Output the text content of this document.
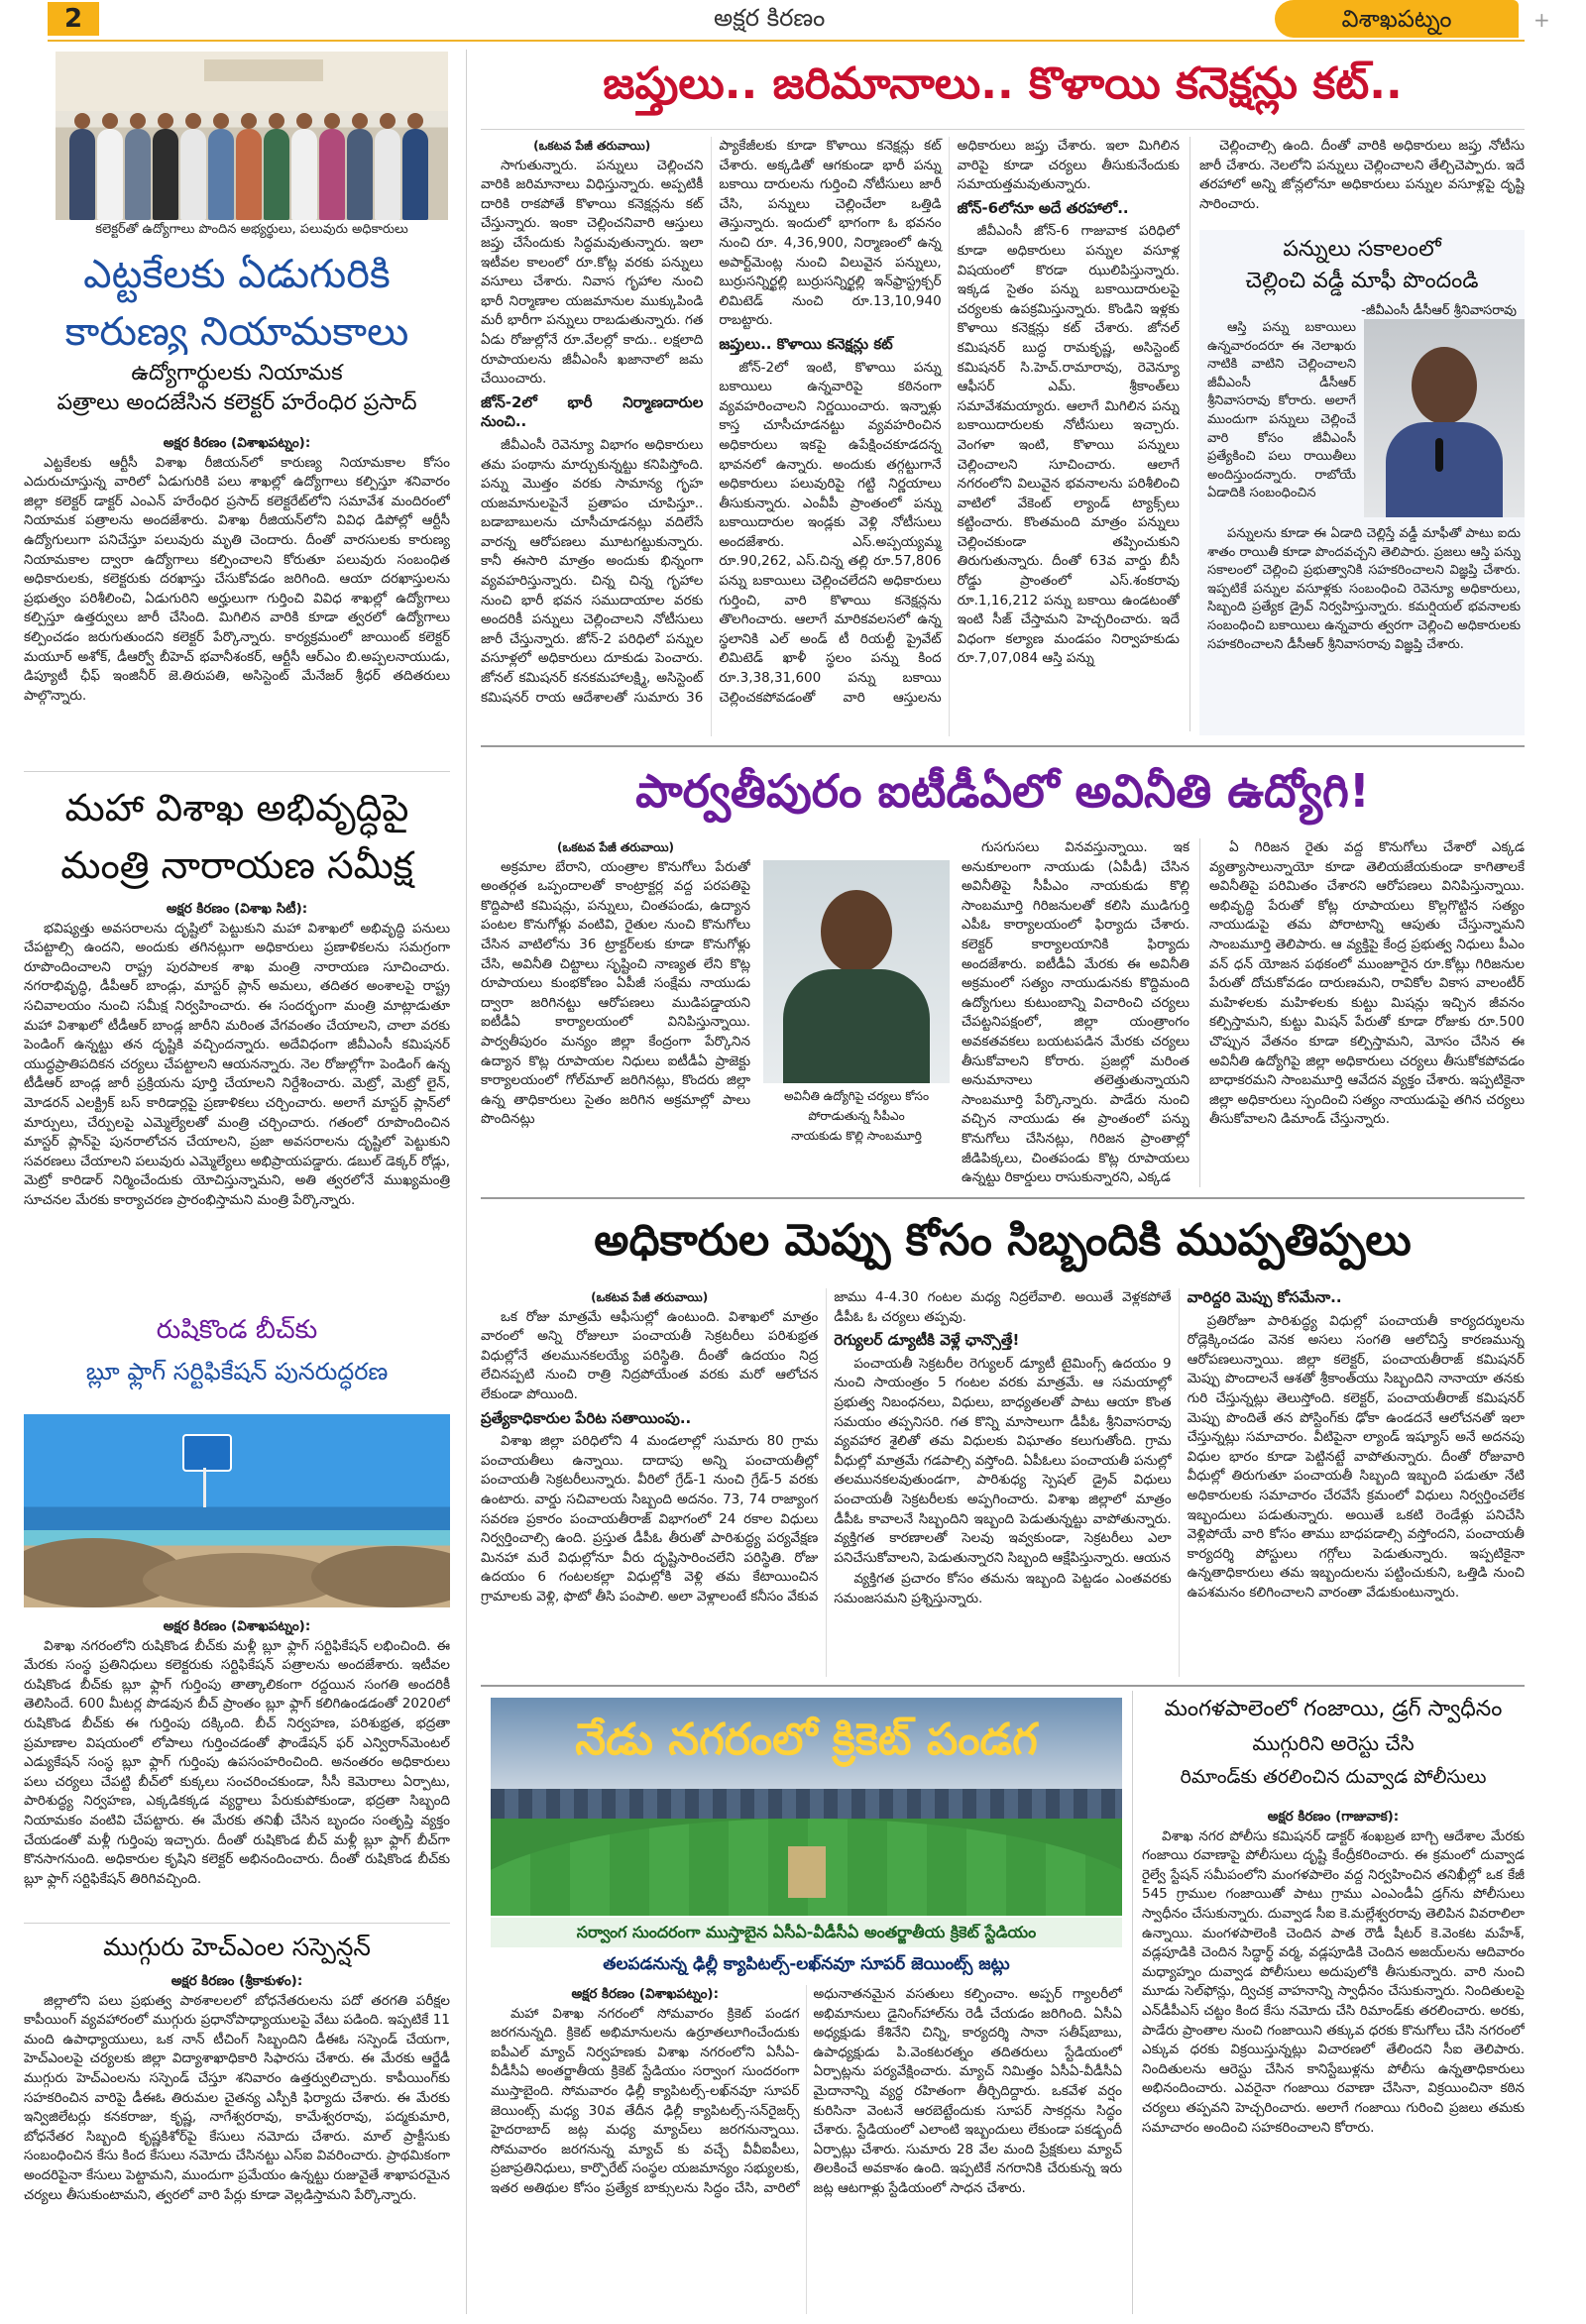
2	అక్షర కిరణం	విశాఖపట్నం	+
కలెక్టర్‌తో ఉద్యోగాలు పొందిన అభ్యర్థులు, పలువురు అధికారులు
ఎట్టకేలకు ఏడుగురికి
కారుణ్య నియామకాలు
ఉద్యోగార్థులకు నియామక
పత్రాలు అందజేసిన కలెక్టర్‌ హరేంధిర ప్రసాద్‌
అక్షర కిరణం (విశాఖపట్నం):

ఎట్టకేలకు ఆర్టీసీ విశాఖ రీజియన్‌లో కారుణ్య నియామకాల కోసం ఎదురుచూస్తున్న వారిలో ఏడుగురికి పలు శాఖల్లో ఉద్యోగాలు కల్పిస్తూ శనివారం జిల్లా కలెక్టర్‌ డాక్టర్‌ ఎంఎన్‌ హరేంధిర ప్రసాద్‌ కలెక్టరేట్‌లోని సమావేశ మందిరంలో నియామక పత్రాలను అందజేశారు. విశాఖ రీజియన్‌లోని వివిధ డిపోల్లో ఆర్టీసీ ఉద్యోగులుగా పనిచేస్తూ పలువురు మృతి చెందారు. దీంతో వారసులకు కారుణ్య నియామకాల ద్వారా ఉద్యోగాలు కల్పించాలని కోరుతూ పలువురు సంబంధిత అధికారులకు, కలెక్టరుకు దరఖాస్తు చేసుకోవడం జరిగింది. ఆయా దరఖాస్తులను ప్రభుత్వం పరిశీలించి, ఏడుగురిని అర్హులుగా గుర్తించి వివిధ శాఖల్లో ఉద్యోగాలు కల్పిస్తూ ఉత్తర్వులు జారీ చేసింది. మిగిలిన వారికి కూడా త్వరలో ఉద్యోగాలు కల్పించడం జరుగుతుందని కలెక్టర్‌ పేర్కొన్నారు. కార్యక్రమంలో జాయింట్‌ కలెక్టర్‌ మయూర్‌ అశోక్‌, డీఆర్వో బీహెచ్‌ భవానీశంకర్‌, ఆర్టీసీ ఆర్‌ఎం బి.అప్పలనాయుడు, డిప్యూటీ ఛీఫ్‌ ఇంజినీర్‌ జె.తిరుపతి, అసిస్టెంట్‌ మేనేజర్‌ శ్రీధర్‌ తదితరులు పాల్గొన్నారు.

మహా విశాఖ అభివృద్ధిపై
మంత్రి నారాయణ సమీక్ష
అక్షర కిరణం (విశాఖ సిటీ):

భవిష్యత్తు అవసరాలను దృష్టిలో పెట్టుకుని మహా విశాఖలో అభివృద్ధి పనులు చేపట్టాల్సి ఉందని, అందుకు తగినట్లుగా అధికారులు ప్రణాళికలను సమగ్రంగా రూపొందించాలని రాష్ట్ర పురపాలక శాఖ మంత్రి నారాయణ సూచించారు. నగరాభివృద్ధి, డీపీఆర్‌ బాండ్లు, మాస్టర్‌ ప్లాన్‌ అమలు, తదితర అంశాలపై రాష్ట్ర సచివాలయం నుంచి సమీక్ష నిర్వహించారు. ఈ సందర్భంగా మంత్రి మాట్లాడుతూ మహా విశాఖలో టీడీఆర్‌ బాండ్ల జారీని మరింత వేగవంతం చేయాలని, చాలా వరకు పెండింగ్‌ ఉన్నట్టు తన దృష్టికి వచ్చిందన్నారు. అదేవిధంగా జీవీఎంసీ కమిషనర్‌ యుద్ధప్రాతిపదికన చర్యలు చేపట్టాలని ఆయనన్నారు. నెల రోజుల్లోగా పెండింగ్‌ ఉన్న టీడీఆర్‌ బాండ్ల జారీ ప్రక్రియను పూర్తి చేయాలని నిర్దేశించారు. మెట్రో, మెట్రో లైన్‌, మోడరన్‌ ఎలక్ట్రిక్‌ బస్‌ కారిడార్లపై ప్రణాళికలు చర్చించారు. అలాగే మాస్టర్‌ ప్లాన్‌లో మార్పులు, చేర్పులపై ఎమ్మెల్యేలతో మంత్రి చర్చించారు. గతంలో రూపొందించిన మాస్టర్‌ ప్లాన్‌పై పునరాలోచన చేయాలని, ప్రజా అవసరాలను దృష్టిలో పెట్టుకుని సవరణలు చేయాలని పలువురు ఎమ్మెల్యేలు అభిప్రాయపడ్డారు. డబుల్‌ డెక్కర్‌ రోడ్లు, మెట్రో కారిడార్‌ నిర్మించేందుకు యోచిస్తున్నామని, అతి త్వరలోనే ముఖ్యమంత్రి సూచనల మేరకు కార్యాచరణ ప్రారంభిస్తామని మంత్రి పేర్కొన్నారు.

రుషికొండ బీచ్‌కు
బ్లూ ఫ్లాగ్‌ సర్టిఫికేషన్‌ పునరుద్ధరణ
అక్షర కిరణం (విశాఖపట్నం):

విశాఖ నగరంలోని రుషికొండ బీచ్‌కు మళ్లీ బ్లూ ఫ్లాగ్‌ సర్టిఫికేషన్‌ లభించింది. ఈ మేరకు సంస్థ ప్రతినిధులు కలెక్టరుకు సర్టిఫికేషన్‌ పత్రాలను అందజేశారు. ఇటీవల రుషికొండ బీచ్‌కు బ్లూ ఫ్లాగ్‌ గుర్తింపు తాత్కాలికంగా రద్దయిన సంగతి అందరికీ తెలిసిందే. 600 మీటర్ల పొడవున బీచ్‌ ప్రాంతం బ్లూ ఫ్లాగ్‌ కలిగిఉండడంతో 2020లో రుషికొండ బీచ్‌కు ఈ గుర్తింపు దక్కింది. బీచ్‌ నిర్వహణ, పరిశుభ్రత, భద్రతా ప్రమాణాల విషయంలో లోపాలు గుర్తించడంతో ఫౌండేషన్‌ ఫర్‌ ఎన్విరాన్‌మెంటల్‌ ఎడ్యుకేషన్‌ సంస్థ బ్లూ ఫ్లాగ్‌ గుర్తింపు ఉపసంహరించింది. అనంతరం అధికారులు పలు చర్యలు చేపట్టి బీచ్‌లో కుక్కలు సంచరించకుండా, సీసీ కెమెరాలు ఏర్పాటు, పారిశుద్ధ్య నిర్వహణ, ఎక్కడికక్కడ వ్యర్థాలు పేరుకుపోకుండా, భద్రతా సిబ్బంది నియామకం వంటివి చేపట్టారు. ఈ మేరకు తనిఖీ చేసిన బృందం సంతృప్తి వ్యక్తం చేయడంతో మళ్లీ గుర్తింపు ఇచ్చారు. దీంతో రుషికొండ బీచ్‌ మళ్లీ బ్లూ ఫ్లాగ్‌ బీచ్‌గా కొనసాగనుంది. అధికారుల కృషిని కలెక్టర్‌ అభినందించారు. దీంతో రుషికొండ బీచ్‌కు బ్లూ ఫ్లాగ్‌ సర్టిఫికేషన్‌ తిరిగివచ్చింది.

ముగ్గురు హెచ్‌ఎంల సస్పెన్షన్‌
అక్షర కిరణం (శ్రీకాకుళం):

జిల్లాలోని పలు ప్రభుత్వ పాఠశాలలలో బోధనేతరులను పదో తరగతి పరీక్షల కాపీయింగ్‌ వ్యవహారంలో ముగ్గురు ప్రధానోపాధ్యాయులపై వేటు పడింది. ఇప్పటికే 11 మంది ఉపాధ్యాయులు, ఒక నాన్‌ టీచింగ్‌ సిబ్బందిని డీఈఓ సస్పెండ్‌ చేయగా, హెచ్‌ఎంలపై చర్యలకు జిల్లా విద్యాశాఖాధికారి సిఫారసు చేశారు. ఈ మేరకు ఆర్జేడీ ముగ్గురు హెచ్‌ఎంలను సస్పెండ్‌ చేస్తూ శనివారం ఉత్తర్వులిచ్చారు. కాపీయింగ్‌కు సహకరించిన వారిపై డీఈఓ తిరుమల చైతన్య ఎస్పీకి ఫిర్యాదు చేశారు. ఈ మేరకు ఇన్విజిలేటర్లు కనకరాజు, కృష్ణ, నాగేశ్వరరావు, కామేశ్వరరావు, పద్మకుమారి, బోధనేతర సిబ్బంది కృష్ణకిశోర్‌పై కేసులు నమోదు చేశారు. మాల్‌ ప్రాక్టీసుకు సంబంధించిన కేసు కింద కేసులు నమోదు చేసినట్టు ఎస్‌ఐ వివరించారు. ప్రాథమికంగా అందరిపైనా కేసులు పెట్టామని, ముందుగా ప్రమేయం ఉన్నట్టు రుజువైతే శాఖాపరమైన చర్యలు తీసుకుంటామని, త్వరలో వారి పేర్లు కూడా వెల్లడిస్తామని పేర్కొన్నారు.

జప్తులు.. జరిమానాలు.. కొళాయి కనెక్షన్లు కట్‌..
(ఒకటవ పేజీ తరువాయి)

సాగుతున్నారు. పన్నులు చెల్లించని వారికి జరిమానాలు విధిస్తున్నారు. అప్పటికీ దారికి రాకపోతే కొళాయి కనెక్షన్లను కట్‌ చేస్తున్నారు. ఇంకా చెల్లించనివారి ఆస్తులు జప్తు చేసేందుకు సిద్ధమవుతున్నారు. ఇలా ఇటీవల కాలంలో రూ.కోట్ల వరకు పన్నులు వసూలు చేశారు. నివాస గృహాల నుంచి భారీ నిర్మాణాల యజమానుల ముక్కుపిండి మరీ భారీగా పన్నులు రాబడుతున్నారు. గత ఏడు రోజుల్లోనే రూ.వేలల్లో కాదు.. లక్షలాది రూపాయలను జీవీఎంసీ ఖజానాలో జమ చేయించారు.

జోన్‌-2లో భారీ నిర్మాణదారుల నుంచి..

జీవీఎంసీ రెవెన్యూ విభాగం అధికారులు తమ పంథాను మార్చుకున్నట్టు కనిపిస్తోంది. పన్ను మొత్తం వరకు సామాన్య గృహ యజమానులపైనే ప్రతాపం చూపిస్తూ.. బడాబాబులను చూసీచూడనట్లు వదిలేసే వారన్న ఆరోపణలు మూటగట్టుకున్నారు. కానీ ఈసారి మాత్రం అందుకు భిన్నంగా వ్యవహరిస్తున్నారు. చిన్న చిన్న గృహాల నుంచి భారీ భవన సముదాయాల వరకు అందరికీ పన్నులు చెల్లించాలని నోటీసులు జారీ చేస్తున్నారు. జోన్‌-2 పరిధిలో పన్నుల వసూళ్లలో అధికారులు దూకుడు పెంచారు. జోనల్‌ కమిషనర్‌ కనకమహాలక్ష్మి, అసిస్టెంట్‌ కమిషనర్‌ రాయ ఆదేశాలతో సుమారు 36 ప్యాకేజీలకు కూడా కొళాయి కనెక్షన్లు కట్‌ చేశారు. అక్కడితో ఆగకుండా భారీ పన్ను బకాయి దారులను గుర్తించి నోటీసులు జారీ చేసి, పన్నులు చెల్లించేలా ఒత్తిడి తెస్తున్నారు. ఇందులో భాగంగా ఓ భవనం నుంచి రూ. 4,36,900, నిర్మాణంలో ఉన్న అపార్ట్‌మెంట్ల నుంచి విలువైన పన్నులు, బుర్రుసన్నిర్ఖల్లి బుర్రుసన్నిర్ఖల్లి ఇన్‌ఫ్రాస్ట్రక్చర్‌ లిమిటెడ్‌ నుంచి రూ.13,10,940 రాబట్టారు.

జప్తులు.. కొళాయి కనెక్షన్లు కట్‌

జోన్‌-2లో ఇంటి, కొళాయి పన్ను బకాయిలు ఉన్నవారిపై కఠినంగా వ్యవహరించాలని నిర్ణయించారు. ఇన్నాళ్లు కాస్త చూసీచూడనట్టు వ్యవహరించిన అధికారులు ఇకపై ఉపేక్షించకూడదన్న భావనలో ఉన్నారు. అందుకు తగ్గట్టుగానే అధికారులు పలువురిపై గట్టి నిర్ణయాలు తీసుకున్నారు. ఎంవీపీ ప్రాంతంలో పన్ను బకాయిదారుల ఇండ్లకు వెళ్లి నోటీసులు అందజేశారు. ఎస్‌.అప్పయ్యమ్మ రూ.90,262, ఎస్‌.చిన్న తల్లి రూ.57,806 పన్ను బకాయిలు చెల్లించలేదని అధికారులు గుర్తించి, వారి కొళాయి కనెక్షన్లను తొలగించారు. ఆలాగే మారికవలసలో ఉన్న స్థలానికి ఎల్‌ అండ్‌ టీ రియల్టీ ప్రైవేట్‌ లిమిటెడ్‌ ఖాళీ స్థలం పన్ను కింద రూ.3,38,31,600 పన్ను బకాయి చెల్లించకపోవడంతో వారి ఆస్తులను అధికారులు జప్తు చేశారు. ఇలా మిగిలిన వారిపై కూడా చర్యలు తీసుకునేందుకు సమాయత్తమవుతున్నారు.

జోన్‌-6లోనూ అదే తరహాలో..

జీవీఎంసీ జోన్‌-6 గాజువాక పరిధిలో కూడా అధికారులు పన్నుల వసూళ్ల విషయంలో కొరడా ఝులిపిస్తున్నారు. ఇక్కడ సైతం పన్ను బకాయిదారులపై చర్యలకు ఉపక్రమిస్తున్నారు. కొండిని ఇళ్లకు కొళాయి కనెక్షన్లు కట్‌ చేశారు. జోనల్‌ కమిషనర్‌ బుద్ధ రామకృష్ణ, అసిస్టెంట్‌ కమిషనర్‌ సి.హెచ్‌.రామారావు, రెవెన్యూ ఆఫీసర్‌ ఎమ్‌. శ్రీకాంత్‌లు సమావేశమయ్యారు. ఆలాగే మిగిలిన పన్ను బకాయిదారులకు నోటీసులు ఇచ్చారు. వెంగళా ఇంటి, కొళాయి పన్నులు చెల్లించాలని సూచించారు. ఆలాగే నగరంలోని విలువైన భవనాలను పరిశీలించి వాటిలో వేకెంట్‌ ల్యాండ్‌ ట్యాక్స్‌లు కట్టించారు. కొంతమంది మాత్రం పన్నులు చెల్లించకుండా తప్పించుకుని తిరుగుతున్నారు. దీంతో 63వ వార్డు బీసీ రోడ్డు ప్రాంతంలో ఎస్‌.శంకరావు రూ.1,16,212 పన్ను బకాయి ఉండటంతో ఇంటి సీజ్‌ చేస్తామని హెచ్చరించారు. ఇదే విధంగా కల్యాణ మండపం నిర్వాహకుడు రూ.7,07,084 ఆస్తి పన్ను

చెల్లించాల్సి ఉంది. దీంతో వారికి అధికారులు జప్తు నోటీసు జారీ చేశారు. నెలలోని పన్నులు చెల్లించాలని తేల్చిచెప్పారు. ఇదే తరహాలో అన్ని జోన్లలోనూ అధికారులు పన్నుల వసూళ్లపై దృష్టి సారించారు.

పన్నులు సకాలంలో
చెల్లించి వడ్డీ మాఫీ పొందండి
-జీవీఎంసీ డీసీఆర్‌ శ్రీనివాసరావు

ఆస్తి పన్ను బకాయిలు ఉన్నవారందరూ ఈ నెలాఖరు నాటికి వాటిని చెల్లించాలని జీవీఎంసీ డీసీఆర్‌ శ్రీనివాసరావు కోరారు. అలాగే ముందుగా పన్నులు చెల్లించే వారి కోసం జీవీఎంసీ ప్రత్యేకించి పలు రాయితీలు అందిస్తుందన్నారు. రాబోయే ఏడాదికి సంబంధించిన

పన్నులను కూడా ఈ ఏడాది చెల్లిస్తే వడ్డీ మాఫీతో పాటు ఐదు శాతం రాయితీ కూడా పొందవచ్చని తెలిపారు. ప్రజలు ఆస్తి పన్ను సకాలంలో చెల్లించి ప్రభుత్వానికి సహకరించాలని విజ్ఞప్తి చేశారు. ఇప్పటికే పన్నుల వసూళ్లకు సంబంధించి రెవెన్యూ అధికారులు, సిబ్బంది ప్రత్యేక డ్రైవ్‌ నిర్వహిస్తున్నారు. కమర్షియల్‌ భవనాలకు సంబంధించి బకాయిలు ఉన్నవారు త్వరగా చెల్లించి అధికారులకు సహకరించాలని డీసీఆర్‌ శ్రీనివాసరావు విజ్ఞప్తి చేశారు.

పార్వతీపురం ఐటీడీఏలో అవినీతి ఉద్యోగి!
(ఒకటవ పేజీ తరువాయి)

అక్రమాల బేరాని, యంత్రాల కొనుగోలు పేరుతో అంతర్గత ఒప్పందాలతో కాంట్రాక్టర్ల వద్ద పరపతిపై కొద్దిపాటి కమిషన్లు, పన్నులు, చింతపండు, ఉద్యాన పంటల కొనుగోళ్లు వంటివి, రైతుల నుంచి కొనుగోలు చేసిన వాటిలోను 36 ట్రాక్టర్‌లకు కూడా కొనుగోళ్లు చేసి, అవినీతి చిట్టాలు సృష్టించి నాణ్యత లేని కొట్ల రూపాయలు కుంభకోణం ఏపీజీ సంక్షేమ నాయుడు ద్వారా జరిగినట్టు ఆరోపణలు ముడిపడ్డాయని ఐటీడీఏ కార్యాలయంలో వినిపిస్తున్నాయి. పార్వతీపురం మన్యం జిల్లా కేంద్రంగా పేర్కొనిన ఉద్యాన కొట్ల రూపాయల నిధులు ఐటీడీఏ ప్రాజెక్టు కార్యాలయంలో గోల్‌మాల్‌ జరిగినట్లు, కొందరు జిల్లా ఉన్న తాధికారులు సైతం జరిగిన అక్రమాల్లో పాలు పొందినట్లు

అవినీతి ఉద్యోగిపై చర్యలు కోసం
పోరాడుతున్న సీపీఎం
నాయకుడు కొల్లి సాంబమూర్తి

గుసగుసలు వినవస్తున్నాయి. ఇక అనుకూలంగా నాయుడు (ఏపీడీ) చేసిన అవినీతిపై సీపీఎం నాయకుడు కొల్లి సాంబమూర్తి గిరిజనులతో కలిసి ముడిగుర్తి ఎపీఓ కార్యాలయంలో ఫిర్యాదు చేశారు. కలెక్టర్‌ కార్యాలయానికి ఫిర్యాదు అందజేశారు. ఐటీడీఏ మేరకు ఈ అవినీతి అక్రమంలో సత్యం నాయుడునకు కొద్దిమంది ఉద్యోగులు కుటుంబాన్ని విచారించి చర్యలు చేపట్టనిపక్షంలో, జిల్లా యంత్రాంగం అవకతవకలు బయటపడిన మేరకు చర్యలు తీసుకోవాలని కోరారు. ప్రజల్లో మరింత అనుమానాలు తలెత్తుతున్నాయని సాంబమూర్తి పేర్కొన్నారు. పాడేరు నుంచి వచ్చిన నాయుడు ఈ ప్రాంతంలో పన్ను కొనుగోలు చేసినట్లు, గిరిజన ప్రాంతాల్లో జీడిపిక్కలు, చింతపండు కొట్ల రూపాయలు ఉన్నట్టు రికార్డులు రాసుకున్నారని, ఎక్కడ

ఏ గిరిజన రైతు వద్ద కొనుగోలు చేశారో ఎక్కడ వ్యత్యాసాలున్నాయో కూడా తెలియజేయకుండా కాగితాలకే అవినీతిపై పరిమితం చేశారని ఆరోపణలు వినిపిస్తున్నాయి. అభివృద్ధి పేరుతో కోట్ల రూపాయలు కొల్లగొట్టిన సత్యం నాయుడుపై తమ పోరాటాన్ని ఆపుతు చేస్తున్నామని సాంబమూర్తి తెలిపారు. ఆ వ్యక్తిపై కేంద్ర ప్రభుత్వ నిధులు పీఎం వన్‌ ధన్‌ యోజన పథకంలో ముంజూరైన రూ.కోట్లు గిరిజనుల పేరుతో దోచుకోవడం దారుణమని, రావికోల వికాస వాలంటీర్‌ మహిళలకు మహిళలకు కుట్టు మిషన్లు ఇచ్చిన జీవనం కల్పిస్తామని, కుట్టు మిషన్‌ పేరుతో కూడా రోజుకు రూ.500 చొప్పున వేతనం కూడా కల్పిస్తామని, మోసం చేసిన ఈ అవినీతి ఉద్యోగిపై జిల్లా అధికారులు చర్యలు తీసుకోకపోవడం బాధాకరమని సాంబమూర్తి ఆవేదన వ్యక్తం చేశారు. ఇప్పటికైనా జిల్లా అధికారులు స్పందించి సత్యం నాయుడుపై తగిన చర్యలు తీసుకోవాలని డిమాండ్‌ చేస్తున్నారు.

అధికారుల మెప్పు కోసం సిబ్బందికి ముప్పతిప్పలు
(ఒకటవ పేజీ తరువాయి)

ఒక రోజు మాత్రమే ఆఫీసుల్లో ఉంటుంది. విశాఖలో మాత్రం వారంలో అన్ని రోజులూ పంచాయతీ సెక్రటరీలు పరిశుభ్రత విధుల్లోనే తలమునకలయ్యే పరిస్థితి. దీంతో ఉదయం నిద్ర లేచినప్పటి నుంచి రాత్రి నిద్రపోయేంత వరకు మరో ఆలోచన లేకుండా పోయింది.

ప్రత్యేకాధికారుల పేరిట సతాయింపు..

విశాఖ జిల్లా పరిధిలోని 4 మండలాల్లో సుమారు 80 గ్రామ పంచాయతీలు ఉన్నాయి. దాదాపు అన్ని పంచాయతీల్లో పంచాయతీ సెక్రటరీలున్నారు. వీరిలో గ్రేడ్‌-1 నుంచి గ్రేడ్‌-5 వరకు ఉంటారు. వార్డు సచివాలయ సిబ్బంది అదనం. 73, 74 రాజ్యాంగ సవరణ ప్రకారం పంచాయతీరాజ్‌ విభాగంలో 24 రకాల విధులు నిర్వర్తించాల్సి ఉంది. ప్రస్తుత డీపీఓ తీరుతో పారిశుద్ధ్య పర్యవేక్షణ మినహా మరే విధుల్లోనూ వీరు దృష్టిసారించలేని పరిస్థితి. రోజు ఉదయం 6 గంటలకల్లా విధుల్లోకి వెళ్లి తమ కేటాయించిన గ్రామాలకు వెళ్లి, ఫొటో తీసి పంపాలి. అలా వెళ్లాలంటే కనీసం వేకువ జాము 4-4.30 గంటల మధ్య నిద్రలేవాలి. అయితే వెళ్లకపోతే డీపీఓ ఓ చర్యలు తప్పవు.

రెగ్యులర్‌ డ్యూటీకి వెళ్లే ఛాన్సొత్తే!

పంచాయతీ సెక్రటరీల రెగ్యులర్‌ డ్యూటీ టైమింగ్స్‌ ఉదయం 9 నుంచి సాయంత్రం 5 గంటల వరకు మాత్రమే. ఆ సమయాల్లో ప్రభుత్వ నిబంధనలు, విధులు, బాధ్యతలతో పాటు ఆయా కొంత సమయం తప్పనిసరి. గత కొన్ని మాసాలుగా డీపీఓ శ్రీనివాసరావు వ్యవహార శైలితో తమ విధులకు విఘాతం కలుగుతోంది. గ్రామ వీధుల్లో మాత్రమే గడపాల్సి వస్తోంది. ఏపీఓలు పంచాయతీ పనుల్లో తలమునకలవుతుండగా, పారిశుధ్య స్పెషల్‌ డ్రైవ్‌ విధులు పంచాయతీ సెక్రటరీలకు అప్పగించారు. విశాఖ జిల్లాలో మాత్రం డీపీఓ కావాలనే సిబ్బందిని ఇబ్బంది పెడుతున్నట్టు వాపోతున్నారు. వ్యక్తిగత కారణాలతో సెలవు ఇవ్వకుండా, సెక్రటరీలు ఎలా పనిచేసుకోవాలని, పెడుతున్నారని సిబ్బంది ఆక్షేపిస్తున్నారు. ఆయన

వ్యక్తిగత ప్రచారం కోసం తమను ఇబ్బంది పెట్టడం ఎంతవరకు సమంజసమని ప్రశ్నిస్తున్నారు.

వారిద్దరి మెప్పు కోసమేనా..

ప్రతిరోజూ పారిశుద్ధ్య విధుల్లో పంచాయతీ కార్యదర్శులను రోడ్లెక్కించడం వెనక అసలు సంగతి ఆలోచిస్తే కారణమున్న ఆరోపణలున్నాయి. జిల్లా కలెక్టర్‌, పంచాయతీరాజ్‌ కమిషనర్‌ మెప్పు పొందాలనే ఆశతో శ్రీకాంత్‌యు సిబ్బందిని నానాయా తనకు గురి చేస్తున్నట్లు తెలుస్తోంది. కలెక్టర్‌, పంచాయతీరాజ్‌ కమిషనర్‌ మెప్పు పొందితే తన పోస్టింగ్‌కు ఢోకా ఉండదనే ఆలోచనతో ఇలా చేస్తున్నట్లు సమాచారం. వీటిపైనా ల్యాండ్‌ ఇష్యూస్‌ అనే అదనపు విధుల భారం కూడా పెట్టినట్టే వాపోతున్నారు. దీంతో రోజువారి వీధుల్లో తిరుగుతూ పంచాయతీ సిబ్బంది ఇబ్బంది పడుతూ నేటి అధికారులకు సమాచారం చేరవేసే క్రమంలో విధులు నిర్వర్తించలేక ఇబ్బందులు పడుతున్నారు. అయితే ఒకటి రెండేళ్లు పనిచేసి వెళ్లిపోయే వారి కోసం తాము బాధపడాల్సి వస్తోందని, పంచాయతీ కార్యదర్శి పోస్టులు గగ్గోలు పెడుతున్నారు. ఇప్పటికైనా ఉన్నతాధికారులు తమ ఇబ్బందులను పట్టించుకుని, ఒత్తిడి నుంచి ఉపశమనం కలిగించాలని వారంతా వేడుకుంటున్నారు.

నేడు నగరంలో క్రికెట్‌ పండగ
సర్వాంగ సుందరంగా ముస్తాబైన ఏసీఏ-వీడీసీఏ అంతర్జాతీయ క్రికెట్‌ స్టేడియం
తలపడనున్న ఢిల్లీ క్యాపిటల్స్‌-లఖ్‌నవూ సూపర్‌ జెయింట్స్‌ జట్లు
అక్షర కిరణం (విశాఖపట్నం):

మహా విశాఖ నగరంలో సోమవారం క్రికెట్‌ పండగ జరగనున్నది. క్రికెట్‌ అభిమానులను ఉర్రూతలూగించేందుకు ఐపీఎల్‌ మ్యాచ్‌ నిర్వహణకు విశాఖ నగరంలోని ఏసీఏ-వీడీసీఏ అంతర్జాతీయ క్రికెట్‌ స్టేడియం సర్వాంగ సుందరంగా ముస్తాబైంది. సోమవారం ఢిల్లీ క్యాపిటల్స్‌-లఖ్‌నవూ సూపర్‌ జెయింట్స్‌ మధ్య 30వ తేదీన ఢిల్లీ క్యాపిటల్స్‌-సన్‌రైజర్స్‌ హైదరాబాద్‌ జట్ల మధ్య మ్యాచ్‌లు జరగనున్నాయి. సోమవారం జరగనున్న మ్యాచ్‌ కు వచ్చే వీవీఐపీలు, ప్రజాప్రతినిధులు, కార్పొరేట్‌ సంస్థల యజమాన్యం సభ్యులకు, ఇతర అతిథుల కోసం ప్రత్యేక బాక్సులను సిద్ధం చేసి, వారిలో అధునాతనమైన వసతులు కల్పించాం. అప్పర్‌ గ్యాలరీలో అభిమానులు డైనింగ్‌హాల్‌ను రెడీ చేయడం జరిగింది. ఏసీఏ అధ్యక్షుడు కేశినేని చిన్ని, కార్యదర్శి సానా సతీష్‌బాబు, ఉపాధ్యక్షుడు పి.వెంకటరత్నం తదితరులు స్టేడియంలో ఏర్పాట్లను పర్యవేక్షించారు. మ్యాచ్‌ నిమిత్తం ఏసీఏ-వీడీసీఏ మైదానాన్ని వ్యర్థ రహితంగా తీర్చిదిద్దారు. ఒకవేళ వర్షం కురిసినా వెంటనే ఆరబెట్టేందుకు సూపర్‌ సాకర్లను సిద్ధం చేశారు. స్టేడియంలో ఎలాంటి ఇబ్బందులు లేకుండా పకడ్బందీ ఏర్పాట్లు చేశారు. సుమారు 28 వేల మంది ప్రేక్షకులు మ్యాచ్‌ తిలకించే అవకాశం ఉంది. ఇప్పటికే నగరానికి చేరుకున్న ఇరు జట్ల ఆటగాళ్లు స్టేడియంలో సాధన చేశారు.

మంగళపాలెంలో గంజాయి, డ్రగ్‌ స్వాధీనం
ముగ్గురిని అరెస్టు చేసి
రిమాండ్‌కు తరలించిన దువ్వాడ పోలీసులు
అక్షర కిరణం (గాజువాక):

విశాఖ నగర పోలీసు కమిషనర్‌ డాక్టర్‌ శంఖబ్రత బాగ్చి ఆదేశాల మేరకు గంజాయి రవాణాపై పోలీసులు దృష్టి కేంద్రీకరించారు. ఈ క్రమంలో దువ్వాడ రైల్వే స్టేషన్‌ సమీపంలోని మంగళపాలెం వద్ద నిర్వహించిన తనిఖీల్లో ఒక కేజీ 545 గ్రాముల గంజాయితో పాటు గ్రాము ఎంఎండీఏ డ్రగ్‌ను పోలీసులు స్వాధీనం చేసుకున్నారు. దువ్వాడ సీఐ కె.మల్లేశ్వరరావు తెలిపిన వివరాలిలా ఉన్నాయి. మంగళపాలెంకి చెందిన పాత రౌడీ షీటర్‌ కె.వెంకట మహేశ్‌, వడ్లపూడికి చెందిన సిద్ధార్థ్‌ వర్మ, వడ్లపూడికి చెందిన అజయ్‌లను ఆదివారం మధ్యాహ్నం దువ్వాడ పోలీసులు అదుపులోకి తీసుకున్నారు. వారి నుంచి మూడు సెల్‌ఫోన్లు, ద్విచక్ర వాహనాన్ని స్వాధీనం చేసుకున్నారు. నిందితులపై ఎన్‌డీపీఎస్‌ చట్టం కింద కేసు నమోదు చేసి రిమాండ్‌కు తరలించారు. అరకు, పాడేరు ప్రాంతాల నుంచి గంజాయిని తక్కువ ధరకు కొనుగోలు చేసి నగరంలో ఎక్కువ ధరకు విక్రయిస్తున్నట్లు విచారణలో తేలిందని సీఐ తెలిపారు. నిందితులను ఆరెస్టు చేసిన కానిస్టేబుళ్లను పోలీసు ఉన్నతాధికారులు అభినందించారు. ఎవరైనా గంజాయి రవాణా చేసినా, విక్రయించినా కఠిన చర్యలు తప్పవని హెచ్చరించారు. అలాగే గంజాయి గురించి ప్రజలు తమకు సమాచారం అందించి సహకరించాలని కోరారు.
